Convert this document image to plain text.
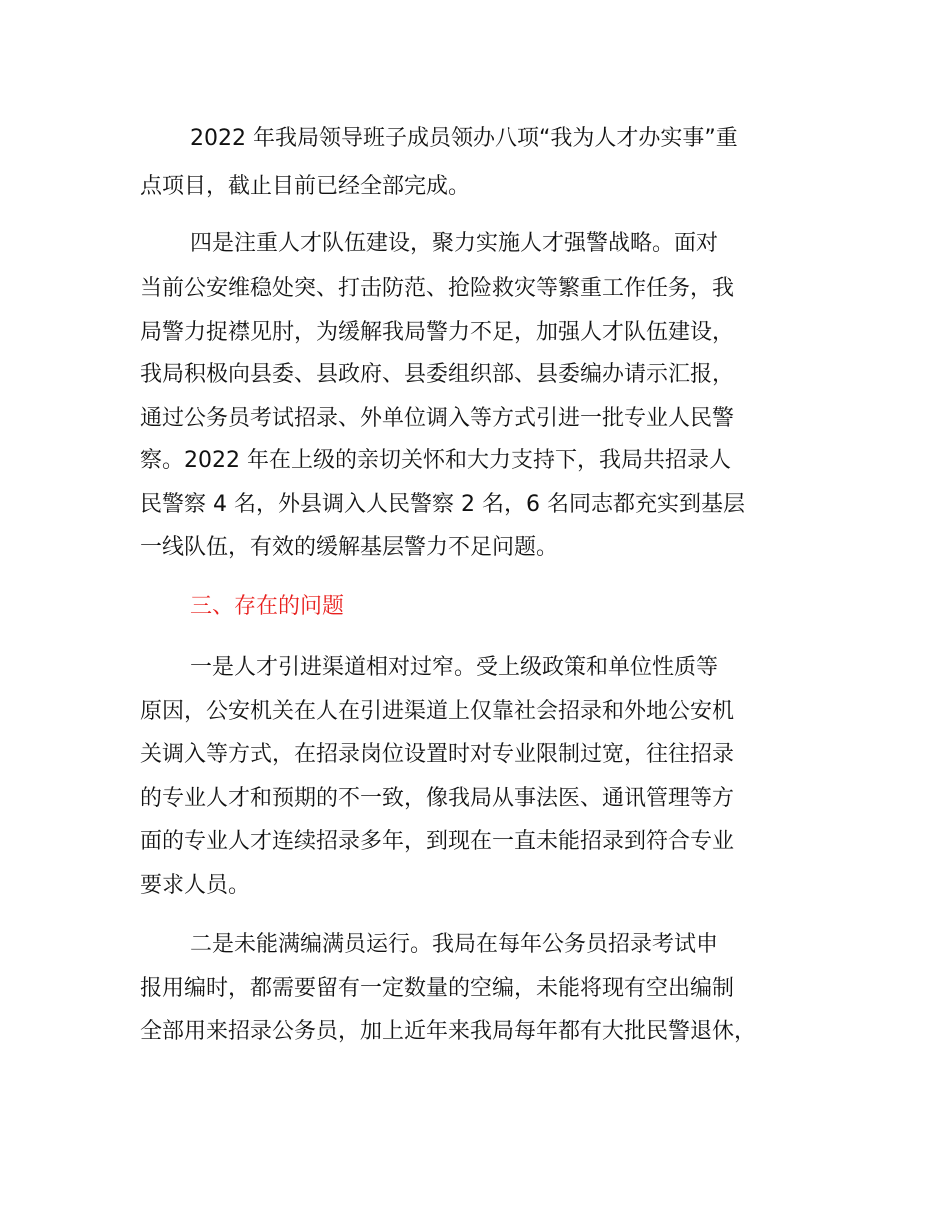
2022 年我局领导班子成员领办八项“我为人才办实事”重

点项目，截止目前已经全部完成。

四是注重人才队伍建设，聚力实施人才强警战略。面对

当前公安维稳处突、打击防范、抢险救灾等繁重工作任务，我

局警力捉襟见肘，为缓解我局警力不足，加强人才队伍建设，

我局积极向县委、县政府、县委组织部、县委编办请示汇报，

通过公务员考试招录、外单位调入等方式引进一批专业人民警

察。2022 年在上级的亲切关怀和大力支持下，我局共招录人

民警察 4 名，外县调入人民警察 2 名，6 名同志都充实到基层

一线队伍，有效的缓解基层警力不足问题。

三、存在的问题

一是人才引进渠道相对过窄。受上级政策和单位性质等

原因，公安机关在人在引进渠道上仅靠社会招录和外地公安机

关调入等方式，在招录岗位设置时对专业限制过宽，往往招录

的专业人才和预期的不一致，像我局从事法医、通讯管理等方

面的专业人才连续招录多年，到现在一直未能招录到符合专业

要求人员。

二是未能满编满员运行。我局在每年公务员招录考试申

报用编时，都需要留有一定数量的空编，未能将现有空出编制

全部用来招录公务员，加上近年来我局每年都有大批民警退休，
